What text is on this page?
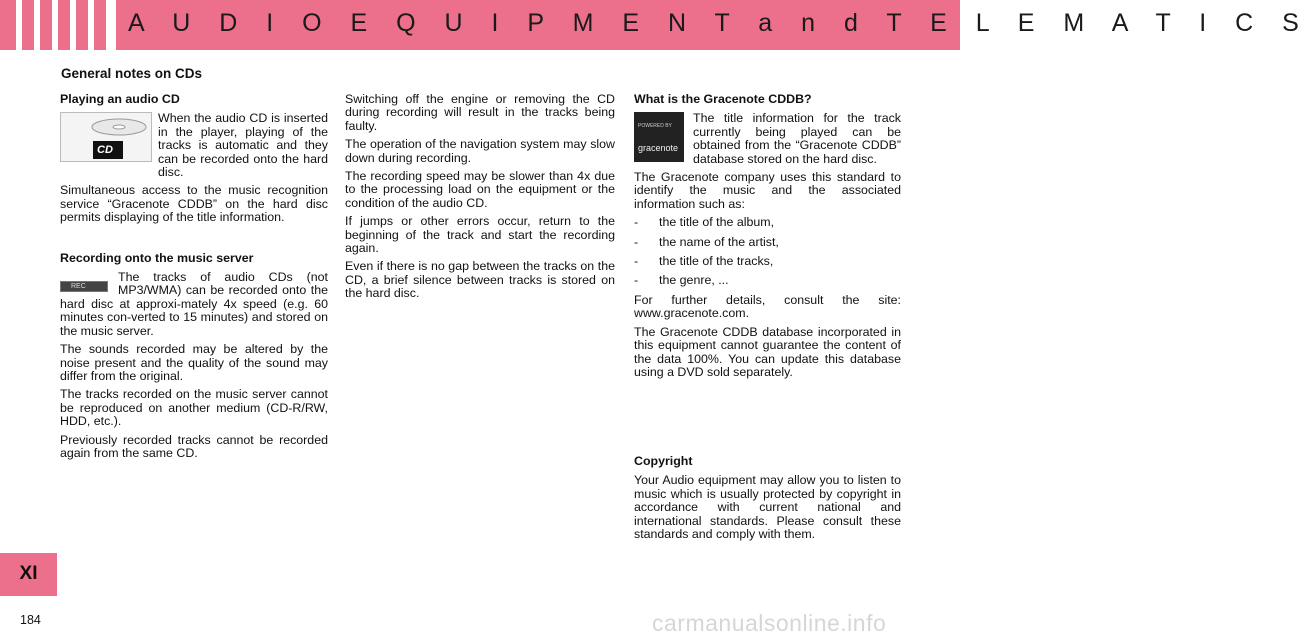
A U D I O E Q U I P M E N T a n d T E L E M A T I C S
General notes on CDs
Playing an audio CD
CD

When the audio CD is inserted in the player, playing of the tracks is automatic and they can be recorded onto the hard disc.

Simultaneous access to the music recognition service “Gracenote CDDB” on the hard disc permits displaying of the title information.

Recording onto the music server
REC

The tracks of audio CDs (not MP3/WMA) can be recorded onto the hard disc at approxi-mately 4x speed (e.g. 60 minutes con-verted to 15 minutes) and stored on the music server.

The sounds recorded may be altered by the noise present and the quality of the sound may differ from the original.

The tracks recorded on the music server cannot be reproduced on another medium (CD-R/RW, HDD, etc.).

Previously recorded tracks cannot be recorded again from the same CD.

Switching off the engine or removing the CD during recording will result in the tracks being faulty.

The operation of the navigation system may slow down during recording.

The recording speed may be slower than 4x due to the processing load on the equipment or the condition of the audio CD.

If jumps or other errors occur, return to the beginning of the track and start the recording again.

Even if there is no gap between the tracks on the CD, a brief silence between tracks is stored on the hard disc.

What is the Gracenote CDDB?
POWERED BY
gracenote

The title information for the track currently being played can be obtained from the “Gracenote CDDB” database stored on the hard disc.

The Gracenote company uses this standard to identify the music and the associated information such as:

- the title of the album,
- the name of the artist,
- the title of the tracks,
- the genre, ...

For further details, consult the site: www.gracenote.com.

The Gracenote CDDB database incorporated in this equipment cannot guarantee the content of the data 100%. You can update this database using a DVD sold separately.

Copyright

Your Audio equipment may allow you to listen to music which is usually protected by copyright in accordance with current national and international standards. Please consult these standards and comply with them.

XI
184	carmanualsonline.info
